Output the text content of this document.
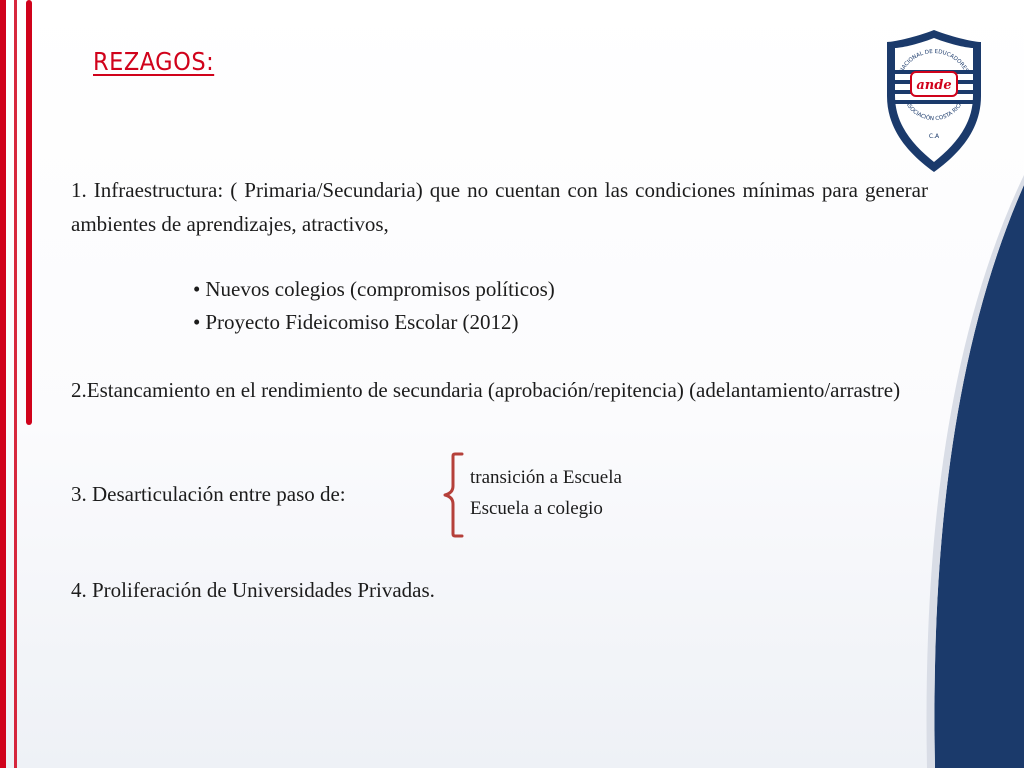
REZAGOS:

1. Infraestructura: ( Primaria/Secundaria) que no cuentan con las condiciones mínimas para generar ambientes de aprendizajes, atractivos,

• Nuevos colegios (compromisos políticos)
• Proyecto Fideicomiso Escolar (2012)

2.Estancamiento en el rendimiento de secundaria (aprobación/repitencia) (adelantamiento/arrastre)

3. Desarticulación entre paso de:

transición a Escuela
Escuela a colegio

4. Proliferación de Universidades Privadas.

ande
NACIONAL DE EDUCADORES
ASOCIACIÓN COSTA RICA
C.A
